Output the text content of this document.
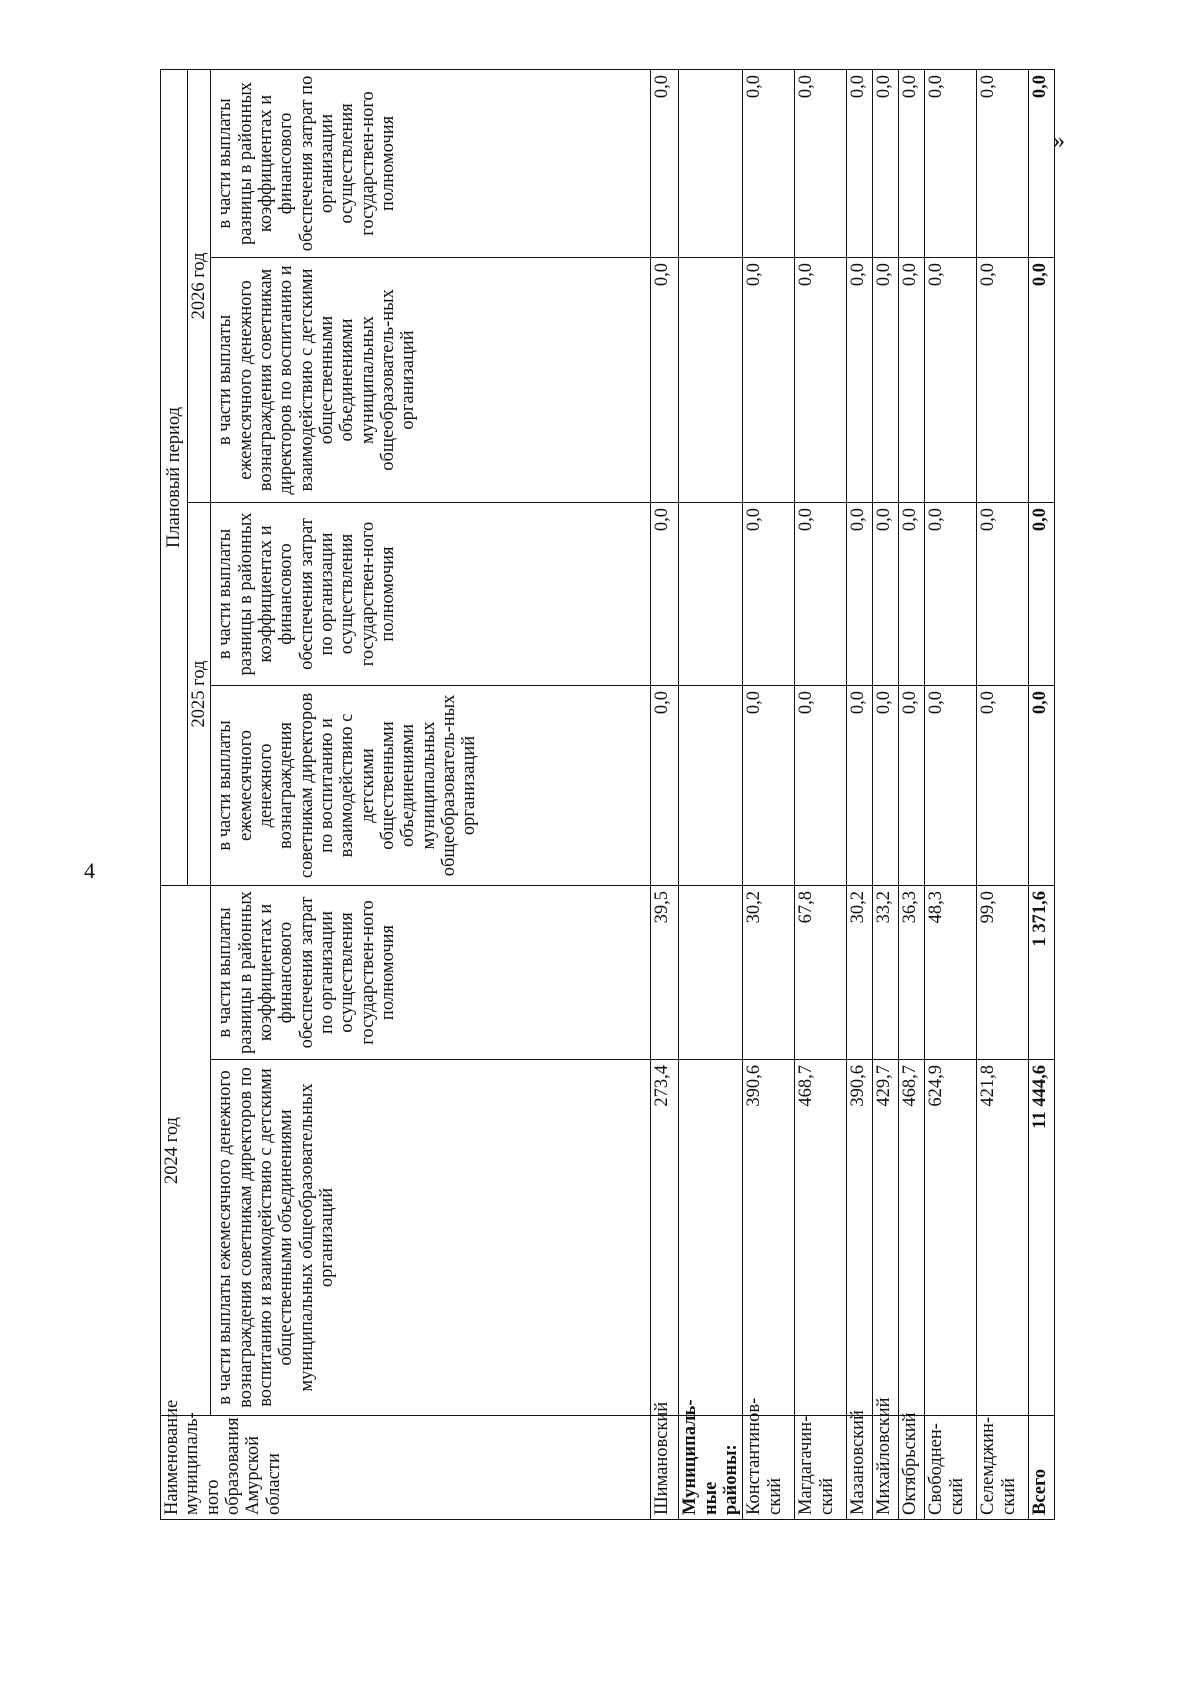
4
»
Наименование муниципаль-ного образования Амурской области	2024 год		Плановый период			
			2025 год		2026 год	
	в части выплаты ежемесячного денежного вознаграждения советникам директоров по воспитанию и взаимодействию с детскими общественными объединениями муниципальных общеобразовательных организаций	в части выплаты разницы в районных коэффициентах и финансового обеспечения затрат по организации осуществления государствен-ного полномочия	в части выплаты ежемесячного денежного вознаграждения советникам директоров по воспитанию и взаимодействию с детскими общественными объединениями муниципальных общеобразователь-ных организаций	в части выплаты разницы в районных коэффициентах и финансового обеспечения затрат по организации осуществления государствен-ного полномочия	в части выплаты ежемесячного денежного вознаграждения советникам директоров по воспитанию и взаимодействию с детскими общественными объединениями муниципальных общеобразователь-ных организаций	в части выплаты разницы в районных коэффициентах и финансового обеспечения затрат по организации осуществления государствен-ного полномочия
Шимановский	273,4	39,5	0,0	0,0	0,0	0,0
Муниципаль-ные районы:						
Константинов-ский	390,6	30,2	0,0	0,0	0,0	0,0
Магдагачин-ский	468,7	67,8	0,0	0,0	0,0	0,0
Мазановский	390,6	30,2	0,0	0,0	0,0	0,0
Михайловский	429,7	33,2	0,0	0,0	0,0	0,0
Октябрьский	468,7	36,3	0,0	0,0	0,0	0,0
Свободнен-ский	624,9	48,3	0,0	0,0	0,0	0,0
Селемджин-ский	421,8	99,0	0,0	0,0	0,0	0,0
Всего	11 444,6	1 371,6	0,0	0,0	0,0	0,0
